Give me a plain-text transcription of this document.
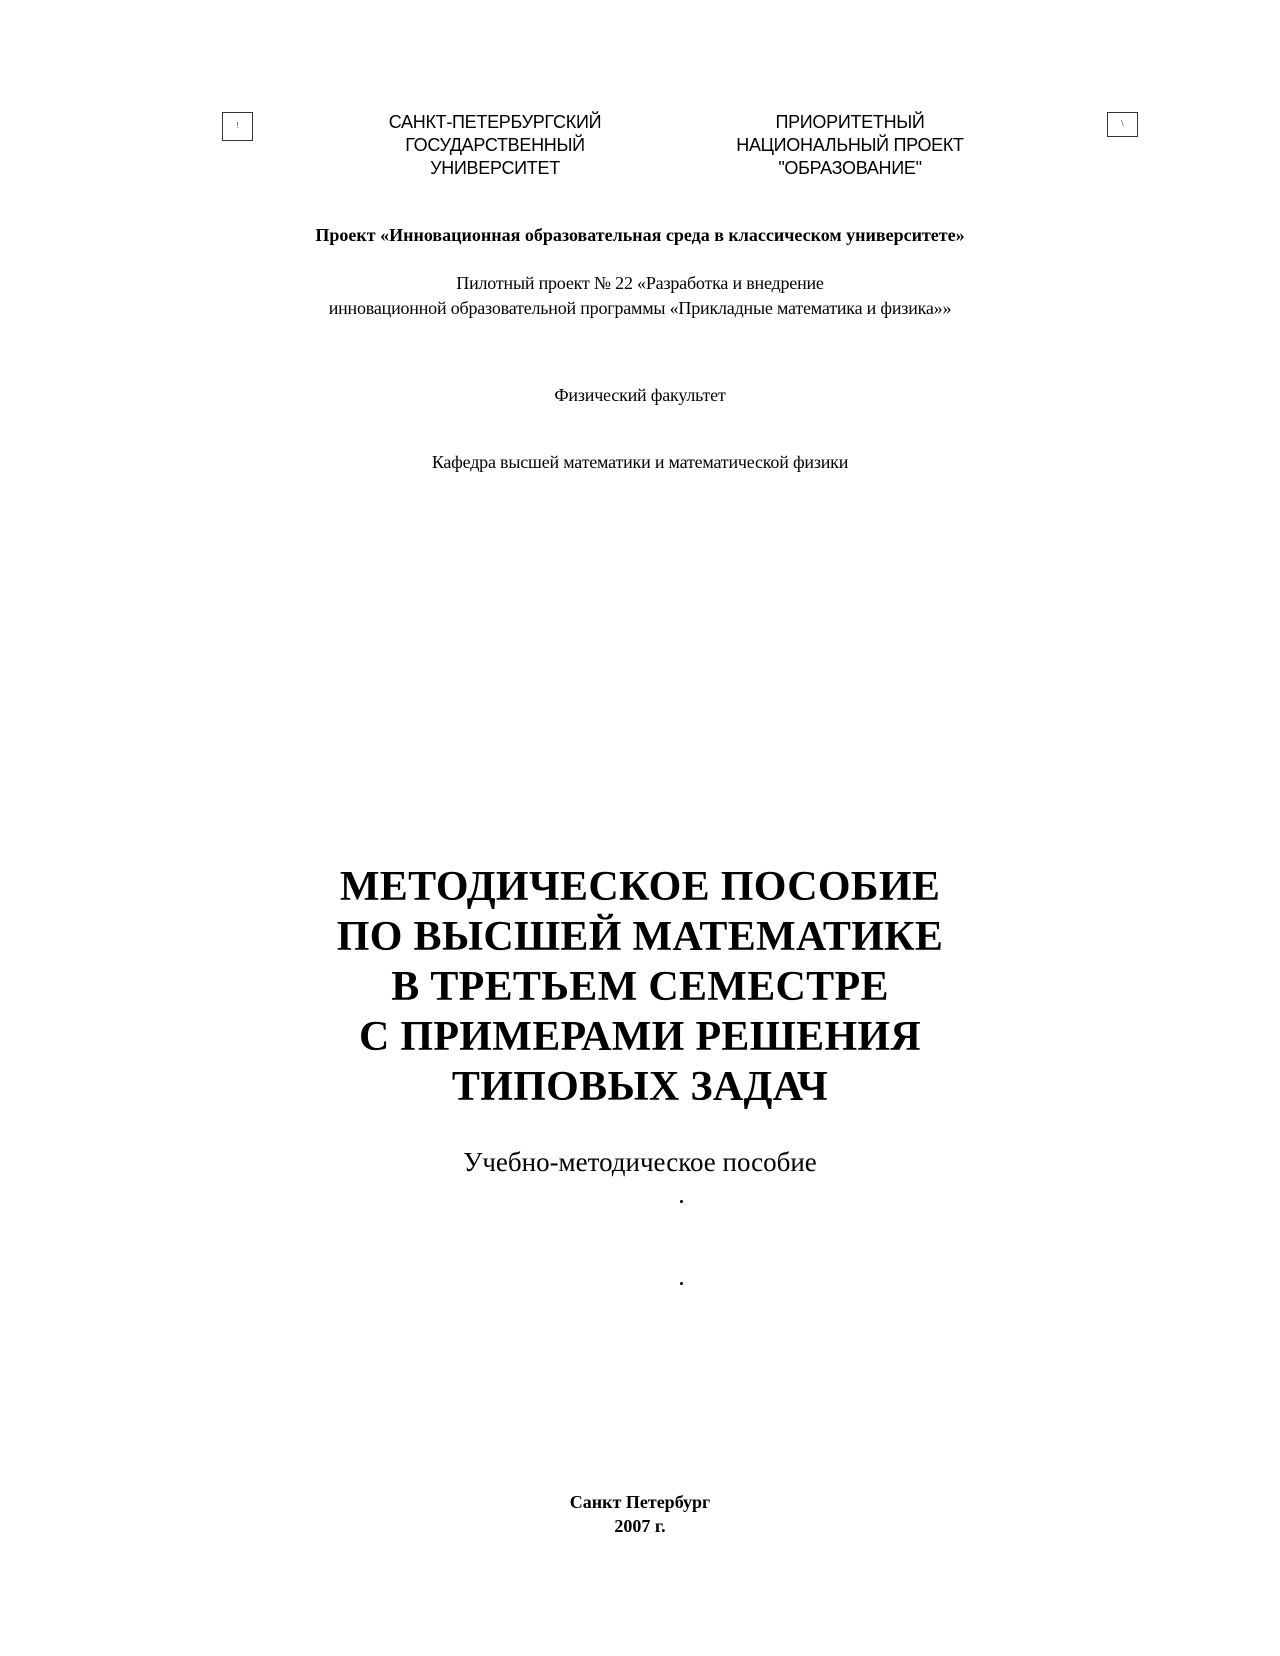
!	\
САНКТ-ПЕТЕРБУРГСКИЙ
ГОСУДАРСТВЕННЫЙ
УНИВЕРСИТЕТ
ПРИОРИТЕТНЫЙ
НАЦИОНАЛЬНЫЙ ПРОЕКТ
"ОБРАЗОВАНИЕ"
Проект «Инновационная образовательная среда в классическом университете»
Пилотный проект № 22 «Разработка и внедрение
инновационной образовательной программы «Прикладные математика и физика»»
Физический факультет
Кафедра высшей математики и математической физики
МЕТОДИЧЕСКОЕ ПОСОБИЕ
ПО ВЫСШЕЙ МАТЕМАТИКЕ
В ТРЕТЬЕМ СЕМЕСТРЕ
С ПРИМЕРАМИ РЕШЕНИЯ
ТИПОВЫХ ЗАДАЧ
Учебно-методическое пособие
Санкт Петербург
2007 г.
